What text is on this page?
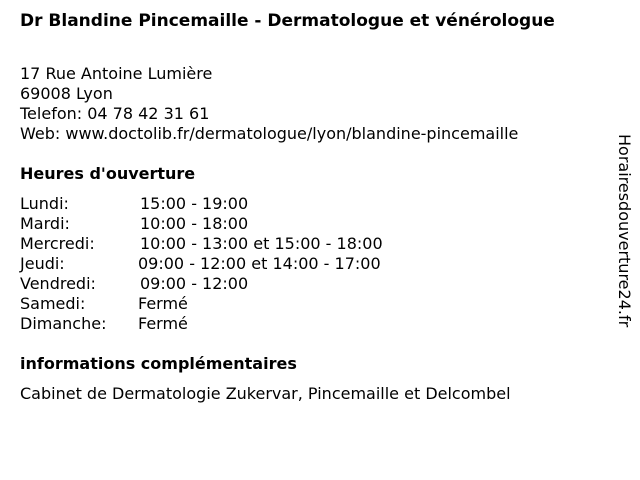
Dr Blandine Pincemaille - Dermatologue et vénérologue
17 Rue Antoine Lumière
69008 Lyon
Telefon: 04 78 42 31 61
Web: www.doctolib.fr/dermatologue/lyon/blandine-pincemaille
Heures d'ouverture
Lundi:	15:00 - 19:00
Mardi:	10:00 - 18:00
Mercredi:	10:00 - 13:00 et 15:00 - 18:00
Jeudi:	09:00 - 12:00 et 14:00 - 17:00
Vendredi:	09:00 - 12:00
Samedi:	Fermé
Dimanche: Fermé
informations complémentaires
Cabinet de Dermatologie Zukervar, Pincemaille et Delcombel
Horairesdouverture24.fr
